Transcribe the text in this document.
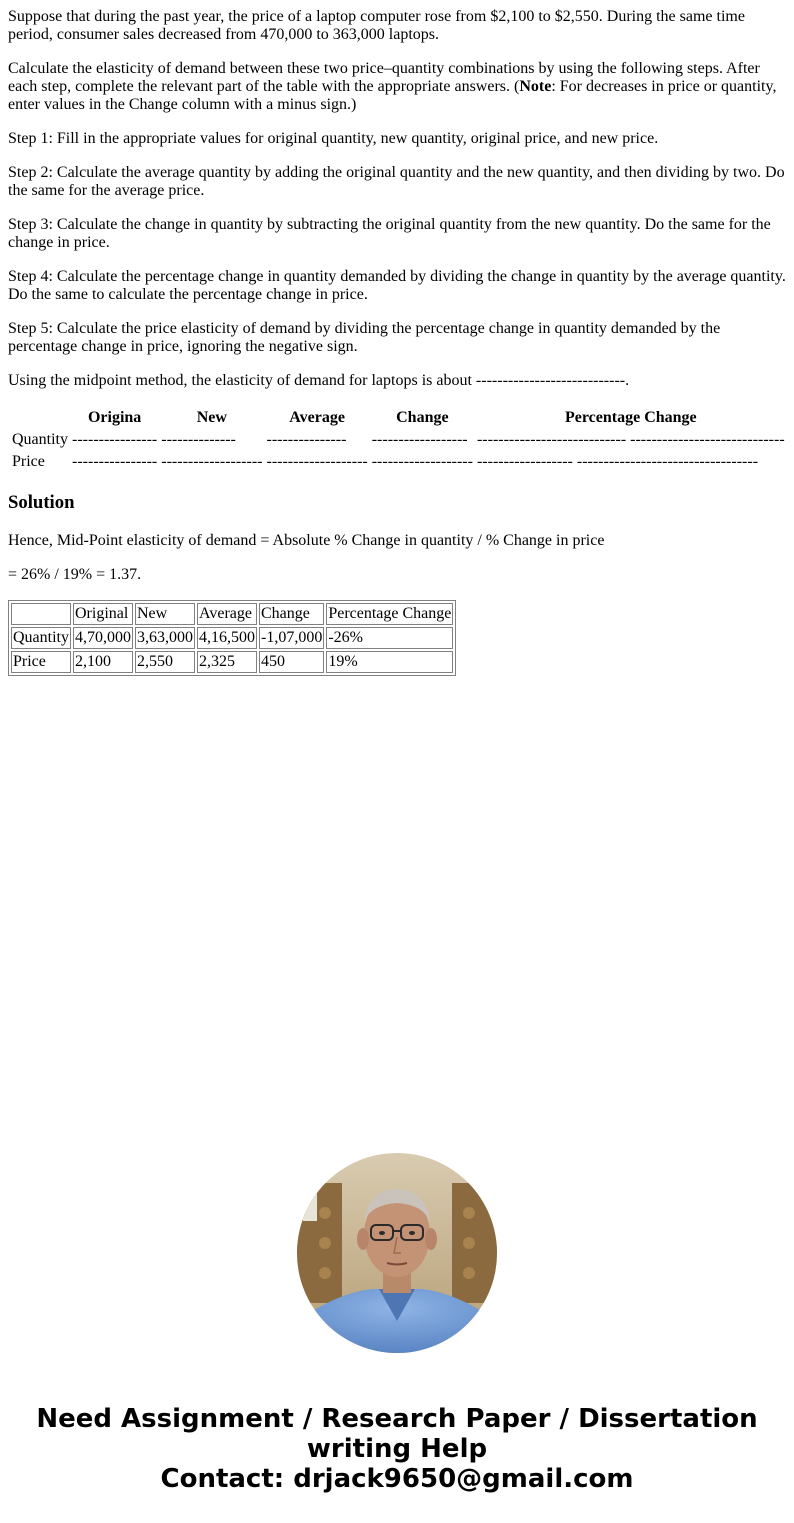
Suppose that during the past year, the price of a laptop computer rose from $2,100 to $2,550. During the same time period, consumer sales decreased from 470,000 to 363,000 laptops.

Calculate the elasticity of demand between these two price–quantity combinations by using the following steps. After each step, complete the relevant part of the table with the appropriate answers. (Note: For decreases in price or quantity, enter values in the Change column with a minus sign.)

Step 1: Fill in the appropriate values for original quantity, new quantity, original price, and new price.

Step 2: Calculate the average quantity by adding the original quantity and the new quantity, and then dividing by two. Do the same for the average price.

Step 3: Calculate the change in quantity by subtracting the original quantity from the new quantity. Do the same for the change in price.

Step 4: Calculate the percentage change in quantity demanded by dividing the change in quantity by the average quantity. Do the same to calculate the percentage change in price.

Step 5: Calculate the price elasticity of demand by dividing the percentage change in quantity demanded by the percentage change in price, ignoring the negative sign.

Using the midpoint method, the elasticity of demand for laptops is about ----------------------------.

	Origina	New	Average	Change	Percentage Change
Quantity	----------------	--------------	---------------	------------------	---------------------------- -----------------------------
Price	----------------	-------------------	-------------------	-------------------	------------------ ----------------------------------
Solution

Hence, Mid-Point elasticity of demand = Absolute % Change in quantity / % Change in price

= 26% / 19% = 1.37.

	Original	New	Average	Change	Percentage Change
Quantity	4,70,000	3,63,000	4,16,500	-1,07,000	-26%
Price	2,100	2,550	2,325	450	19%
Need Assignment / Research Paper / Dissertation
writing Help
Contact: drjack9650@gmail.com
